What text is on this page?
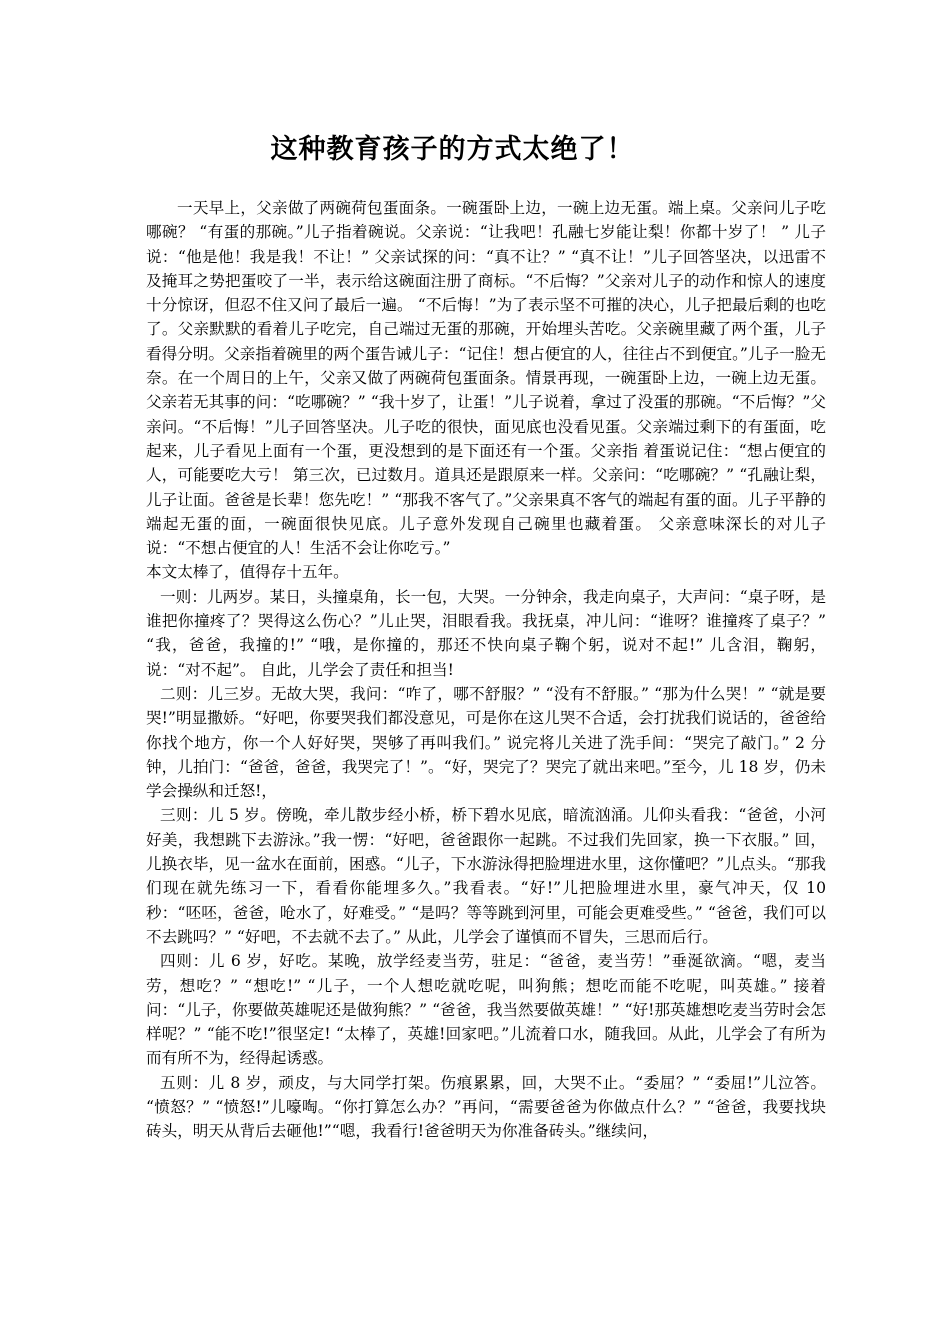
这种教育孩子的方式太绝了！

一天早上，父亲做了两碗荷包蛋面条。一碗蛋卧上边，一碗上边无蛋。端上桌。父亲问儿子吃哪碗？ “有蛋的那碗。”儿子指着碗说。父亲说：“让我吧！孔融七岁能让梨！你都十岁了！ ” 儿子说：“他是他！我是我！不让！” 父亲试探的问：“真不让？” “真不让！”儿子回答坚决，以迅雷不及掩耳之势把蛋咬了一半，表示给这碗面注册了商标。“不后悔？”父亲对儿子的动作和惊人的速度十分惊讶，但忍不住又问了最后一遍。 “不后悔！”为了表示坚不可摧的决心，儿子把最后剩的也吃了。父亲默默的看着儿子吃完，自己端过无蛋的那碗，开始埋头苦吃。父亲碗里藏了两个蛋，儿子看得分明。父亲指着碗里的两个蛋告诫儿子：“记住！想占便宜的人，往往占不到便宜。”儿子一脸无奈。在一个周日的上午，父亲又做了两碗荷包蛋面条。情景再现，一碗蛋卧上边，一碗上边无蛋。父亲若无其事的问：“吃哪碗？” “我十岁了，让蛋！”儿子说着，拿过了没蛋的那碗。“不后悔？”父亲问。“不后悔！”儿子回答坚决。儿子吃的很快，面见底也没看见蛋。父亲端过剩下的有蛋面，吃起来，儿子看见上面有一个蛋，更没想到的是下面还有一个蛋。父亲指 着蛋说记住：“想占便宜的人，可能要吃大亏！ 第三次，已过数月。道具还是跟原来一样。父亲问：“吃哪碗？” “孔融让梨，儿子让面。爸爸是长辈！您先吃！” “那我不客气了。”父亲果真不客气的端起有蛋的面。儿子平静的端起无蛋的面，一碗面很快见底。儿子意外发现自己碗里也藏着蛋。 父亲意味深长的对儿子说：“不想占便宜的人！生活不会让你吃亏。”

本文太棒了，值得存十五年。

一则：儿两岁。某日，头撞桌角，长一包，大哭。一分钟余，我走向桌子，大声问：“桌子呀，是谁把你撞疼了？哭得这么伤心？”儿止哭，泪眼看我。我抚桌，冲儿问：“谁呀？谁撞疼了桌子？” “我，爸爸，我撞的!” “哦，是你撞的，那还不快向桌子鞠个躬，说对不起!” 儿含泪，鞠躬，说：“对不起”。 自此，儿学会了责任和担当!

二则：儿三岁。无故大哭，我问：“咋了，哪不舒服？” “没有不舒服。” “那为什么哭！” “就是要哭!”明显撒娇。“好吧，你要哭我们都没意见，可是你在这儿哭不合适，会打扰我们说话的，爸爸给你找个地方，你一个人好好哭，哭够了再叫我们。” 说完将儿关进了洗手间：“哭完了敲门。” 2 分钟，儿拍门：“爸爸，爸爸，我哭完了！”。“好，哭完了？哭完了就出来吧。”至今，儿 18 岁，仍未学会操纵和迁怒!，

三则：儿 5 岁。傍晚，牵儿散步经小桥，桥下碧水见底，暗流汹涌。儿仰头看我：“爸爸，小河好美，我想跳下去游泳。”我一愣：“好吧，爸爸跟你一起跳。不过我们先回家，换一下衣服。” 回，儿换衣毕，见一盆水在面前，困惑。“儿子，下水游泳得把脸埋进水里，这你懂吧？”儿点头。“那我们现在就先练习一下，看看你能埋多久。”我看表。“好!”儿把脸埋进水里，豪气冲天，仅 10 秒：“呸呸，爸爸，呛水了，好难受。” “是吗？等等跳到河里，可能会更难受些。” “爸爸，我们可以不去跳吗？” “好吧，不去就不去了。” 从此，儿学会了谨慎而不冒失，三思而后行。

四则：儿 6 岁，好吃。某晚，放学经麦当劳，驻足：“爸爸，麦当劳！”垂涎欲滴。“嗯，麦当劳，想吃？” “想吃!” “儿子，一个人想吃就吃呢，叫狗熊；想吃而能不吃呢，叫英雄。” 接着问：“儿子，你要做英雄呢还是做狗熊？” “爸爸，我当然要做英雄！” “好!那英雄想吃麦当劳时会怎样呢？” “能不吃!”很坚定! “太棒了，英雄!回家吧。”儿流着口水，随我回。从此，儿学会了有所为而有所不为，经得起诱惑。

五则：儿 8 岁，顽皮，与大同学打架。伤痕累累，回，大哭不止。“委屈？” “委屈!”儿泣答。 “愤怒？” “愤怒!”儿嚎啕。“你打算怎么办？”再问，“需要爸爸为你做点什么？” “爸爸，我要找块砖头，明天从背后去砸他!”“嗯，我看行!爸爸明天为你准备砖头。”继续问，
